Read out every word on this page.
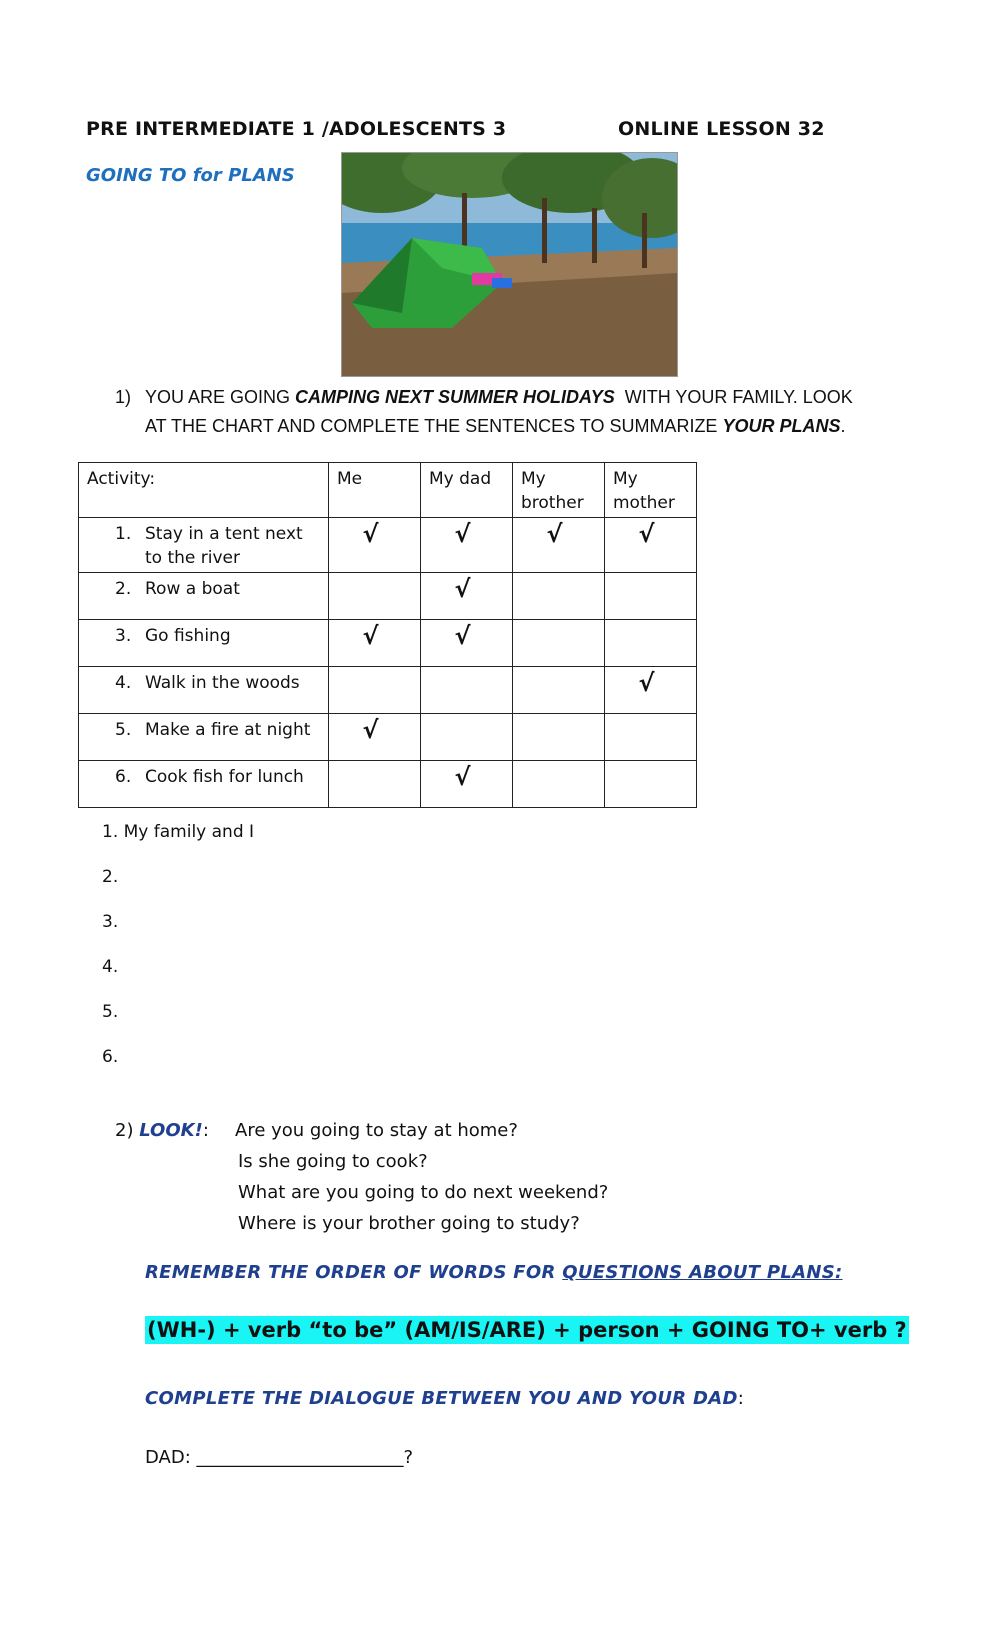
PRE INTERMEDIATE 1 /ADOLESCENTS 3	ONLINE LESSON 32
GOING TO for PLANS
1) YOU ARE GOING CAMPING NEXT SUMMER HOLIDAYS  WITH YOUR FAMILY. LOOK
AT THE CHART AND COMPLETE THE SENTENCES TO SUMMARIZE YOUR PLANS.
Activity:	Me	My dad	My brother	My mother
1. Stay in a tent next to the river	√	√	√	√

2. Row a boat		√		

3. Go fishing	√	√		

4. Walk in the woods				√

5. Make a fire at night	√			

6. Cook fish for lunch		√		

1. My family and I
2.
3.
4.
5.
6.
2) LOOK!: Are you going to stay at home?
Is she going to cook?
What are you going to do next weekend?
Where is your brother going to study?
REMEMBER THE ORDER OF WORDS FOR QUESTIONS ABOUT PLANS:
(WH-) + verb “to be” (AM/IS/ARE) + person + GOING TO+ verb ?
COMPLETE THE DIALOGUE BETWEEN YOU AND YOUR DAD:
DAD: _______________________?
